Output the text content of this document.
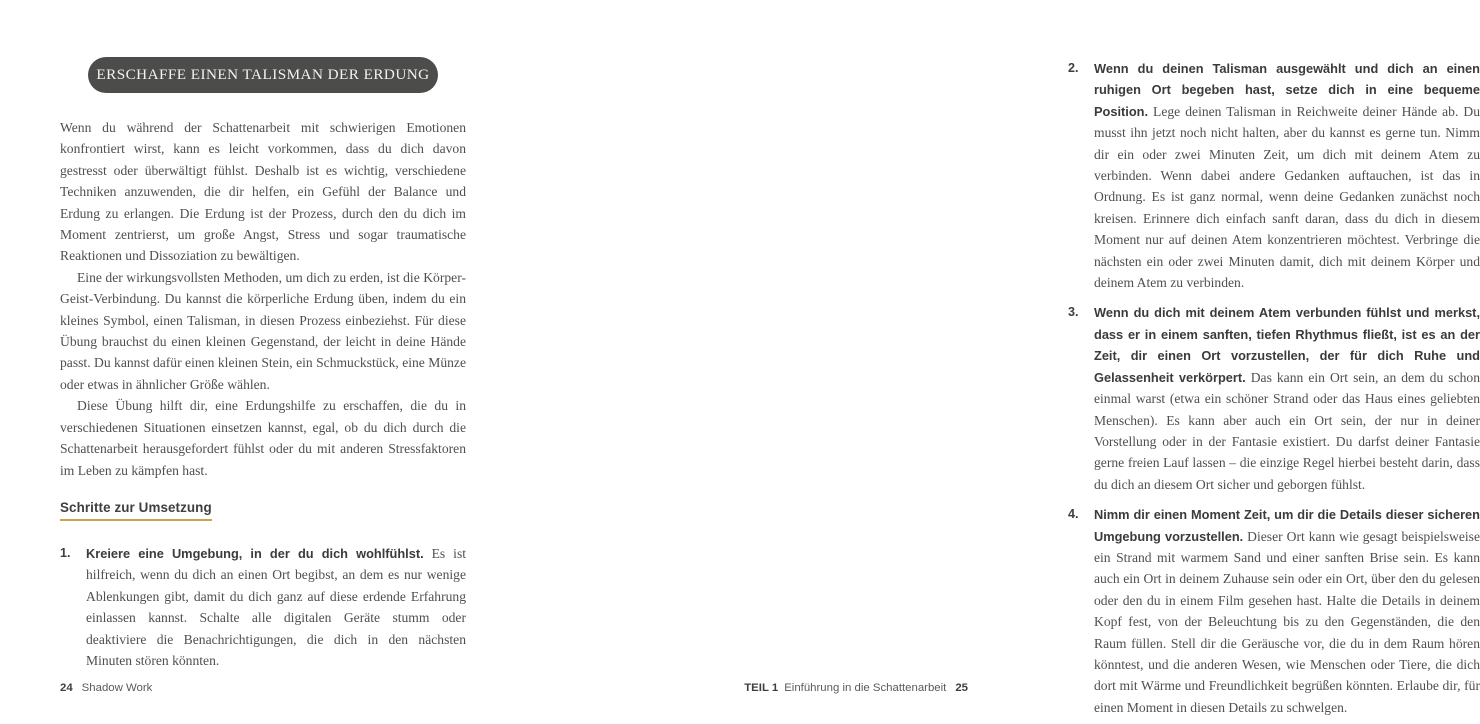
ERSCHAFFE EINEN TALISMAN DER ERDUNG

Wenn du während der Schattenarbeit mit schwierigen Emotionen konfrontiert wirst, kann es leicht vorkommen, dass du dich davon gestresst oder überwältigt fühlst. Deshalb ist es wichtig, verschiedene Techniken anzuwenden, die dir helfen, ein Gefühl der Balance und Erdung zu erlangen. Die Erdung ist der Prozess, durch den du dich im Moment zentrierst, um große Angst, Stress und sogar traumatische Reaktionen und Dissoziation zu bewältigen.

Eine der wirkungsvollsten Methoden, um dich zu erden, ist die Körper-Geist-Verbindung. Du kannst die körperliche Erdung üben, indem du ein kleines Symbol, einen Talisman, in diesen Prozess einbeziehst. Für diese Übung brauchst du einen kleinen Gegenstand, der leicht in deine Hände passt. Du kannst dafür einen kleinen Stein, ein Schmuckstück, eine Münze oder etwas in ähnlicher Größe wählen.

Diese Übung hilft dir, eine Erdungshilfe zu erschaffen, die du in verschiedenen Situationen einsetzen kannst, egal, ob du dich durch die Schattenarbeit herausgefordert fühlst oder du mit anderen Stressfaktoren im Leben zu kämpfen hast.

Schritte zur Umsetzung
1.	Kreiere eine Umgebung, in der du dich wohlfühlst. Es ist hilfreich, wenn du dich an einen Ort begibst, an dem es nur wenige Ablenkungen gibt, damit du dich ganz auf diese erdende Erfahrung einlassen kannst. Schalte alle digitalen Geräte stumm oder deaktiviere die Benachrichtigungen, die dich in den nächsten Minuten stören könnten.
24 Shadow Work
2.	Wenn du deinen Talisman ausgewählt und dich an einen ruhigen Ort begeben hast, setze dich in eine bequeme Position. Lege deinen Talisman in Reichweite deiner Hände ab. Du musst ihn jetzt noch nicht halten, aber du kannst es gerne tun. Nimm dir ein oder zwei Minuten Zeit, um dich mit deinem Atem zu verbinden. Wenn dabei andere Gedanken auftauchen, ist das in Ordnung. Es ist ganz normal, wenn deine Gedanken zunächst noch kreisen. Erinnere dich einfach sanft daran, dass du dich in diesem Moment nur auf deinen Atem konzentrieren möchtest. Verbringe die nächsten ein oder zwei Minuten damit, dich mit deinem Körper und deinem Atem zu verbinden.
3.	Wenn du dich mit deinem Atem verbunden fühlst und merkst, dass er in einem sanften, tiefen Rhythmus fließt, ist es an der Zeit, dir einen Ort vorzustellen, der für dich Ruhe und Gelassenheit verkörpert. Das kann ein Ort sein, an dem du schon einmal warst (etwa ein schöner Strand oder das Haus eines geliebten Menschen). Es kann aber auch ein Ort sein, der nur in deiner Vorstellung oder in der Fantasie existiert. Du darfst deiner Fantasie gerne freien Lauf lassen – die einzige Regel hierbei besteht darin, dass du dich an diesem Ort sicher und geborgen fühlst.
4.	Nimm dir einen Moment Zeit, um dir die Details dieser sicheren Umgebung vorzustellen. Dieser Ort kann wie gesagt beispielsweise ein Strand mit warmem Sand und einer sanften Brise sein. Es kann auch ein Ort in deinem Zuhause sein oder ein Ort, über den du gelesen oder den du in einem Film gesehen hast. Halte die Details in deinem Kopf fest, von der Beleuchtung bis zu den Gegenständen, die den Raum füllen. Stell dir die Geräusche vor, die du in dem Raum hören könntest, und die anderen Wesen, wie Menschen oder Tiere, die dich dort mit Wärme und Freundlichkeit begrüßen könnten. Erlaube dir, für einen Moment in diesen Details zu schwelgen.
TEIL 1 Einführung in die Schattenarbeit 25
